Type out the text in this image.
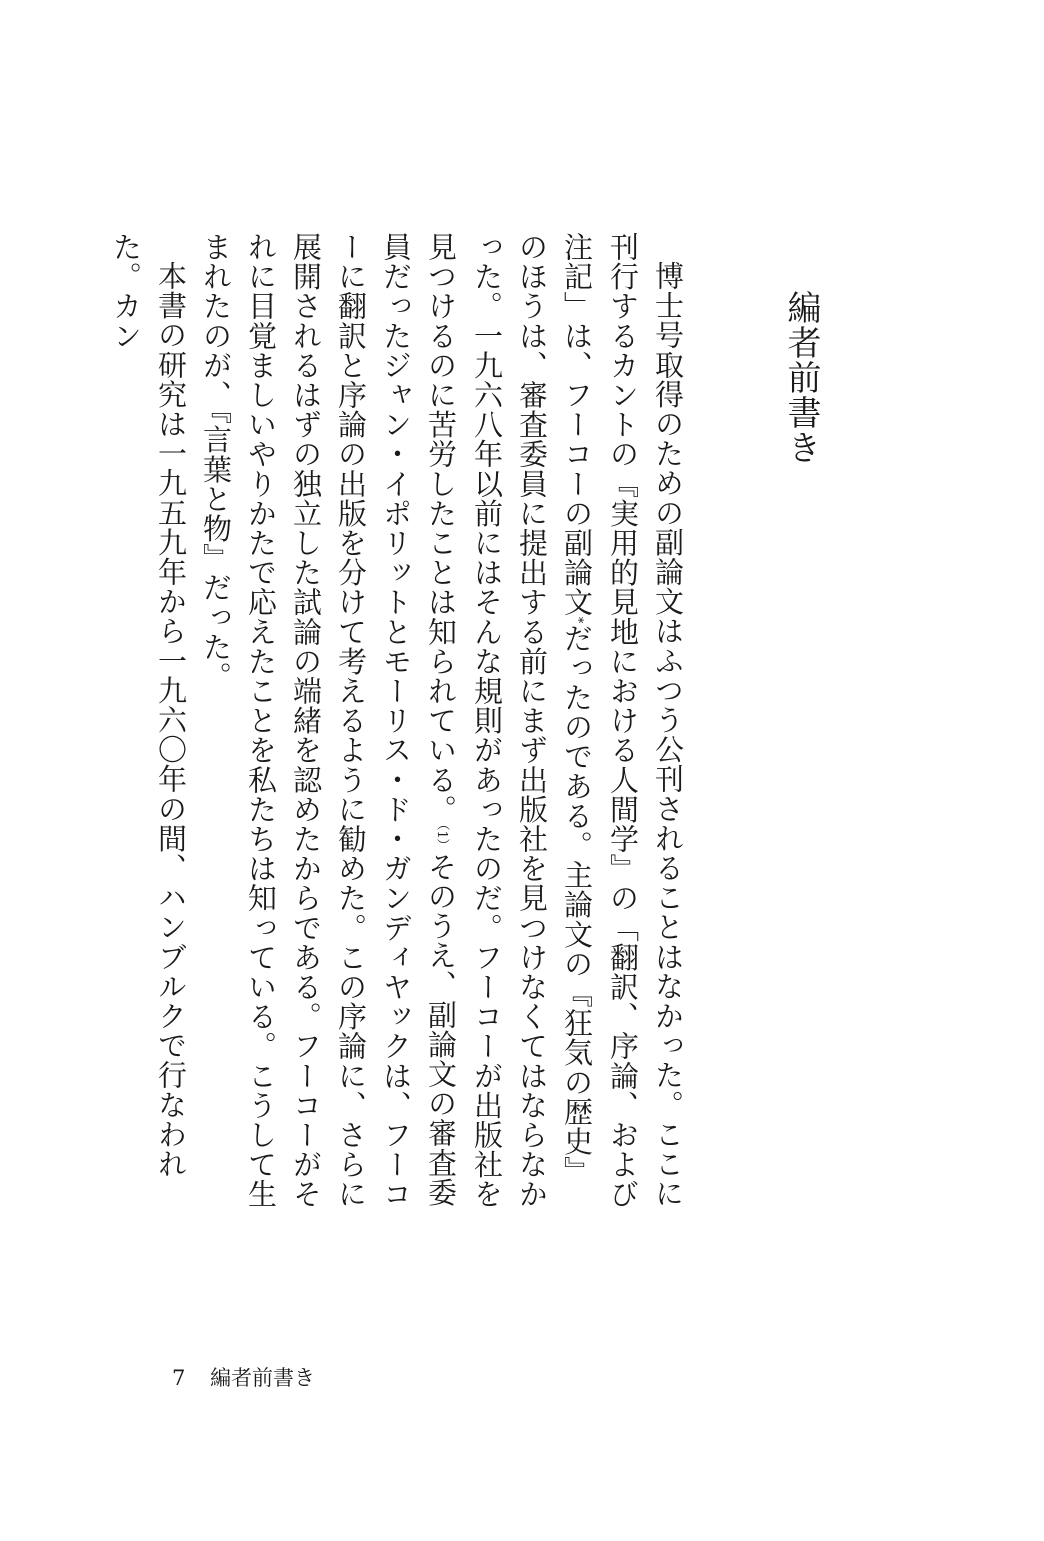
編者前書き

博士号取得のための副論文はふつう公刊されることはなかった。ここに刊行するカントの『実用的見地における人間学』の「翻訳、序論、および注記」は、フーコーの副論文*だったのである。主論文の『狂気の歴史』のほうは、審査委員に提出する前にまず出版社を見つけなくてはならなかった。一九六八年以前にはそんな規則があったのだ。フーコーが出版社を見つけるのに苦労したことは知られている。（1）そのうえ、副論文の審査委員だったジャン・イポリットとモーリス・ド・ガンディヤックは、フーコーに翻訳と序論の出版を分けて考えるように勧めた。この序論に、さらに展開されるはずの独立した試論の端緒を認めたからである。フーコーがそれに目覚ましいやりかたで応えたことを私たちは知っている。こうして生まれたのが、『言葉と物』だった。

本書の研究は一九五九年から一九六〇年の間、ハンブルクで行なわれた。カン

7 編者前書き
